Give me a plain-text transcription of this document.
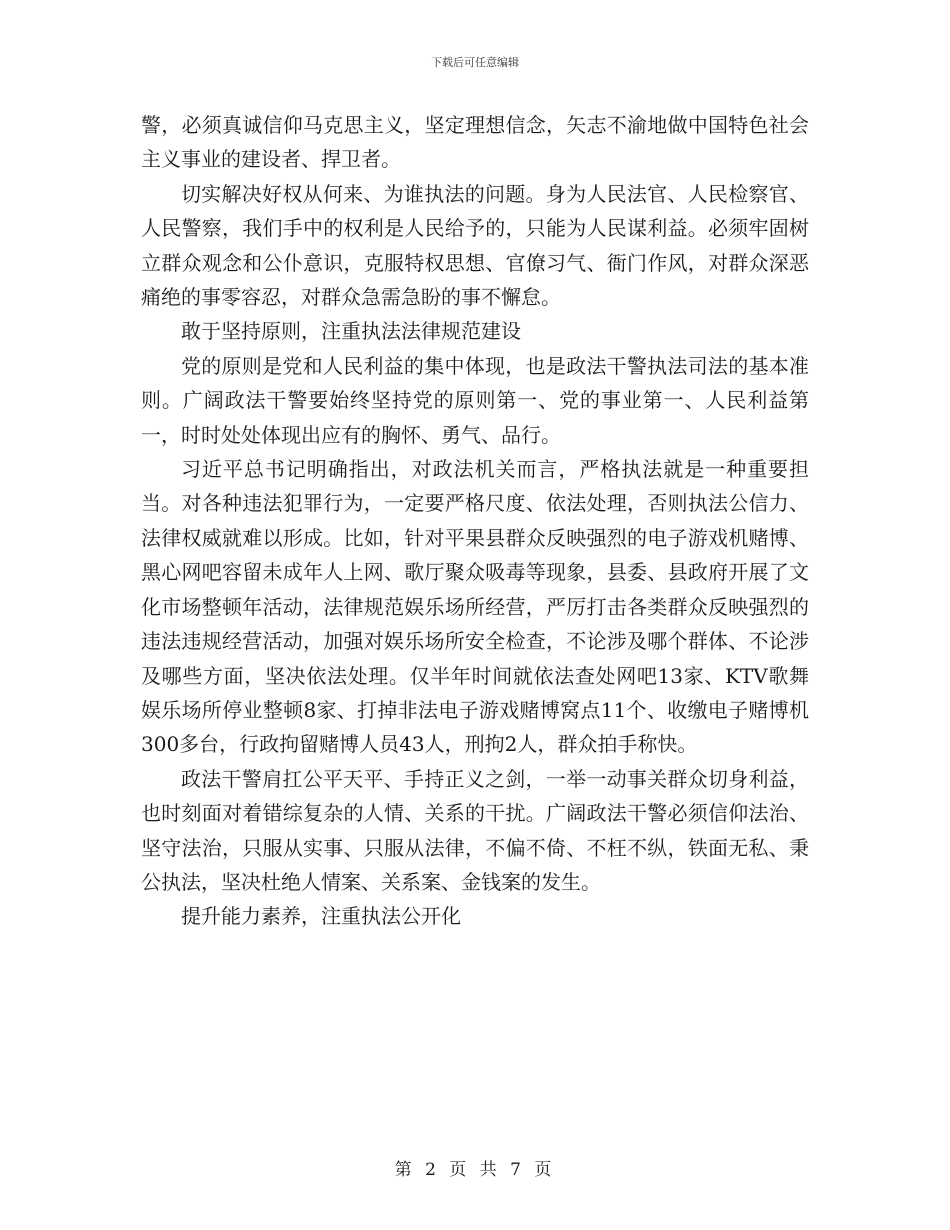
下载后可任意编辑

警，必须真诚信仰马克思主义，坚定理想信念，矢志不渝地做中国特色社会主义事业的建设者、捍卫者。

切实解决好权从何来、为谁执法的问题。身为人民法官、人民检察官、人民警察，我们手中的权利是人民给予的，只能为人民谋利益。必须牢固树立群众观念和公仆意识，克服特权思想、官僚习气、衙门作风，对群众深恶痛绝的事零容忍，对群众急需急盼的事不懈怠。

敢于坚持原则，注重执法法律规范建设

党的原则是党和人民利益的集中体现，也是政法干警执法司法的基本准则。广阔政法干警要始终坚持党的原则第一、党的事业第一、人民利益第一，时时处处体现出应有的胸怀、勇气、品行。

习近平总书记明确指出，对政法机关而言，严格执法就是一种重要担当。对各种违法犯罪行为，一定要严格尺度、依法处理，否则执法公信力、法律权威就难以形成。比如，针对平果县群众反映强烈的电子游戏机赌博、黑心网吧容留未成年人上网、歌厅聚众吸毒等现象，县委、县政府开展了文化市场整顿年活动，法律规范娱乐场所经营，严厉打击各类群众反映强烈的违法违规经营活动，加强对娱乐场所安全检查，不论涉及哪个群体、不论涉及哪些方面，坚决依法处理。仅半年时间就依法查处网吧13家、KTV歌舞娱乐场所停业整顿8家、打掉非法电子游戏赌博窝点11个、收缴电子赌博机300多台，行政拘留赌博人员43人，刑拘2人，群众拍手称快。

政法干警肩扛公平天平、手持正义之剑，一举一动事关群众切身利益，也时刻面对着错综复杂的人情、关系的干扰。广阔政法干警必须信仰法治、坚守法治，只服从实事、只服从法律，不偏不倚、不枉不纵，铁面无私、秉公执法，坚决杜绝人情案、关系案、金钱案的发生。

提升能力素养，注重执法公开化

第 2 页 共 7 页
